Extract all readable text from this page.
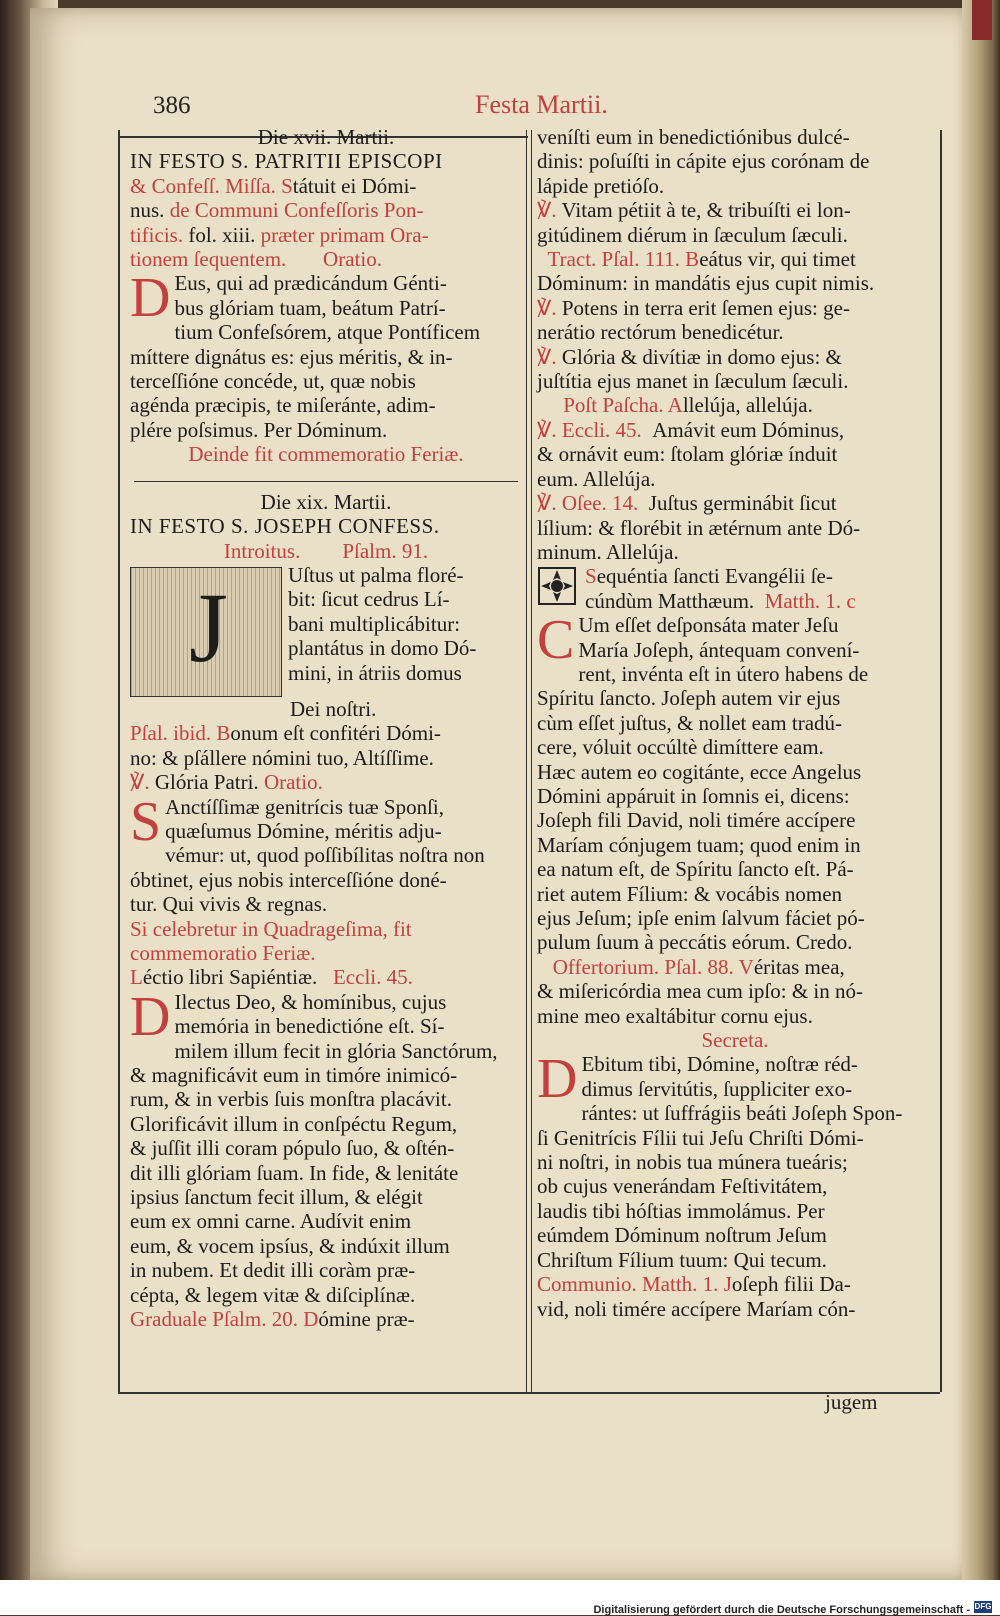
386	Festa Martii.

Die xvii. Martii.

IN FESTO S. PATRITII EPISCOPI

& Confeſſ. Miſſa. Státuit ei Dómi-

nus. de Communi Confeſſoris Pon-

tificis. fol. xiii. præter primam Ora-

tionem ſequentem. Oratio.

D Eus, qui ad prædicándum Génti-

bus glóriam tuam, beátum Patrí-

tium Confeſsórem, atque Pontíficem

míttere dignátus es: ejus méritis, & in-

terceſſióne concéde, ut, quæ nobis

agénda præcipis, te miſeránte, adim-

plére poſsimus. Per Dóminum.

Deinde fit commemoratio Feriæ.

Die xix. Martii.

IN FESTO S. JOSEPH CONFESS.

Introitus. Pſalm. 91.

J	Uſtus ut palma floré-

bit: ſicut cedrus Lí-

bani multiplicábitur:

plantátus in domo Dó-

mini, in átriis domus

Dei noſtri.

Pſal. ibid. Bonum eſt confitéri Dómi-

no: & pſállere nómini tuo, Altíſſime.

℣. Glória Patri. Oratio.

S Anctíſſimæ genitrícis tuæ Sponſi,

quæſumus Dómine, méritis adju-

vémur: ut, quod poſſibílitas noſtra non

óbtinet, ejus nobis interceſſióne doné-

tur. Qui vivis & regnas.

Si celebretur in Quadrageſima, fit

commemoratio Feriæ.

Léctio libri Sapiéntiæ. Eccli. 45.

D Ilectus Deo, & homínibus, cujus

memória in benedictióne eſt. Sí-

milem illum fecit in glória Sanctórum,

& magnificávit eum in timóre inimicó-

rum, & in verbis ſuis monſtra placávit.

Glorificávit illum in conſpéctu Regum,

& juſſit illi coram pópulo ſuo, & oſtén-

dit illi glóriam ſuam. In fide, & lenitáte

ipsius ſanctum fecit illum, & elégit

eum ex omni carne. Audívit enim

eum, & vocem ipsíus, & indúxit illum

in nubem. Et dedit illi coràm præ-

cépta, & legem vitæ & diſciplínæ.

Graduale Pſalm. 20. Dómine præ-

veníſti eum in benedictiónibus dulcé-

dinis: poſuíſti in cápite ejus corónam de

lápide pretióſo.

℣. Vitam pétiit à te, & tribuíſti ei lon-

gitúdinem diérum in ſæculum ſæculi.

Tract. Pſal. 111. Beátus vir, qui timet

Dóminum: in mandátis ejus cupit nimis.

℣. Potens in terra erit ſemen ejus: ge-

nerátio rectórum benedicétur.

℣. Glória & divítiæ in domo ejus: &

juſtítia ejus manet in ſæculum ſæculi.

Poſt Paſcha. Allelúja, allelúja.

℣. Eccli. 45. Amávit eum Dóminus,

& ornávit eum: ſtolam glóriæ índuit

eum. Allelúja.

℣. Oſee. 14. Juſtus germinábit ſicut

lílium: & florébit in ætérnum ante Dó-

minum. Allelúja.

Sequéntia ſancti Evangélii ſe-

cúndùm Matthæum. Matth. 1. c

C Um eſſet deſponsáta mater Jeſu

María Joſeph, ántequam convení-

rent, invénta eſt in útero habens de

Spíritu ſancto. Joſeph autem vir ejus

cùm eſſet juſtus, & nollet eam tradú-

cere, vóluit occúltè dimíttere eam.

Hæc autem eo cogitánte, ecce Angelus

Dómini appáruit in ſomnis ei, dicens:

Joſeph fili David, noli timére accípere

Maríam cónjugem tuam; quod enim in

ea natum eſt, de Spíritu ſancto eſt. Pá-

riet autem Fílium: & vocábis nomen

ejus Jeſum; ipſe enim ſalvum fáciet pó-

pulum ſuum à peccátis eórum. Credo.

Offertorium. Pſal. 88. Véritas mea,

& miſericórdia mea cum ipſo: & in nó-

mine meo exaltábitur cornu ejus.

Secreta.

D Ebitum tibi, Dómine, noſtræ réd-

dimus ſervitútis, ſuppliciter exo-

rántes: ut ſuffrágiis beáti Joſeph Spon-

ſi Genitrícis Fílii tui Jeſu Chriſti Dómi-

ni noſtri, in nobis tua múnera tueáris;

ob cujus venerándam Feſtivitátem,

laudis tibi hóſtias immolámus. Per

eúmdem Dóminum noſtrum Jeſum

Chriſtum Fílium tuum: Qui tecum.

Communio. Matth. 1. Joſeph filii Da-

vid, noli timére accípere Maríam cón-

jugem
Digitalisierung gefördert durch die Deutsche Forschungsgemeinschaft - DFG
